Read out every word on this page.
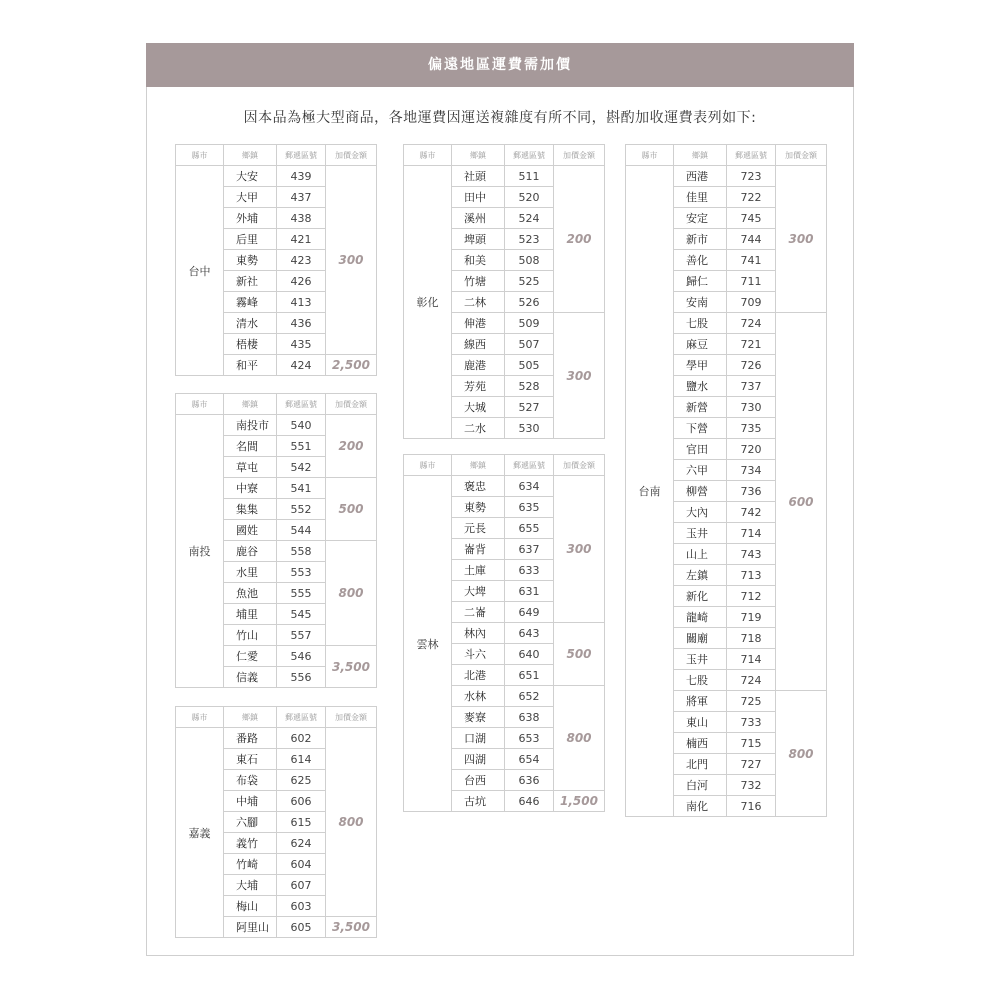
偏遠地區運費需加價
因本品為極大型商品，各地運費因運送複雜度有所不同，斟酌加收運費表列如下:
縣市	鄉鎮	郵遞區號	加價金額
台中	大安	439	300
	大甲	437	
	外埔	438	
	后里	421	
	東勢	423	
	新社	426	
	霧峰	413	
	清水	436	
	梧棲	435	
	和平	424	2,500
縣市	鄉鎮	郵遞區號	加價金額
南投	南投市	540	200
	名間	551	
	草屯	542	
	中寮	541	500
	集集	552	
	國姓	544	
	鹿谷	558	800
	水里	553	
	魚池	555	
	埔里	545	
	竹山	557	
	仁愛	546	3,500
	信義	556	
縣市	鄉鎮	郵遞區號	加價金額
嘉義	番路	602	800
	東石	614	
	布袋	625	
	中埔	606	
	六腳	615	
	義竹	624	
	竹崎	604	
	大埔	607	
	梅山	603	
	阿里山	605	3,500
縣市	鄉鎮	郵遞區號	加價金額
彰化	社頭	511	200
	田中	520	
	溪州	524	
	埤頭	523	
	和美	508	
	竹塘	525	
	二林	526	
	伸港	509	300
	線西	507	
	鹿港	505	
	芳苑	528	
	大城	527	
	二水	530	
縣市	鄉鎮	郵遞區號	加價金額
雲林	褒忠	634	300
	東勢	635	
	元長	655	
	崙背	637	
	土庫	633	
	大埤	631	
	二崙	649	
	林內	643	500
	斗六	640	
	北港	651	
	水林	652	800
	麥寮	638	
	口湖	653	
	四湖	654	
	台西	636	
	古坑	646	1,500
縣市	鄉鎮	郵遞區號	加價金額
台南	西港	723	300
	佳里	722	
	安定	745	
	新市	744	
	善化	741	
	歸仁	711	
	安南	709	
	七股	724	600
	麻豆	721	
	學甲	726	
	鹽水	737	
	新營	730	
	下營	735	
	官田	720	
	六甲	734	
	柳營	736	
	大內	742	
	玉井	714	
	山上	743	
	左鎮	713	
	新化	712	
	龍崎	719	
	關廟	718	
	玉井	714	
	七股	724	
	將軍	725	800
	東山	733	
	楠西	715	
	北門	727	
	白河	732	
	南化	716	
